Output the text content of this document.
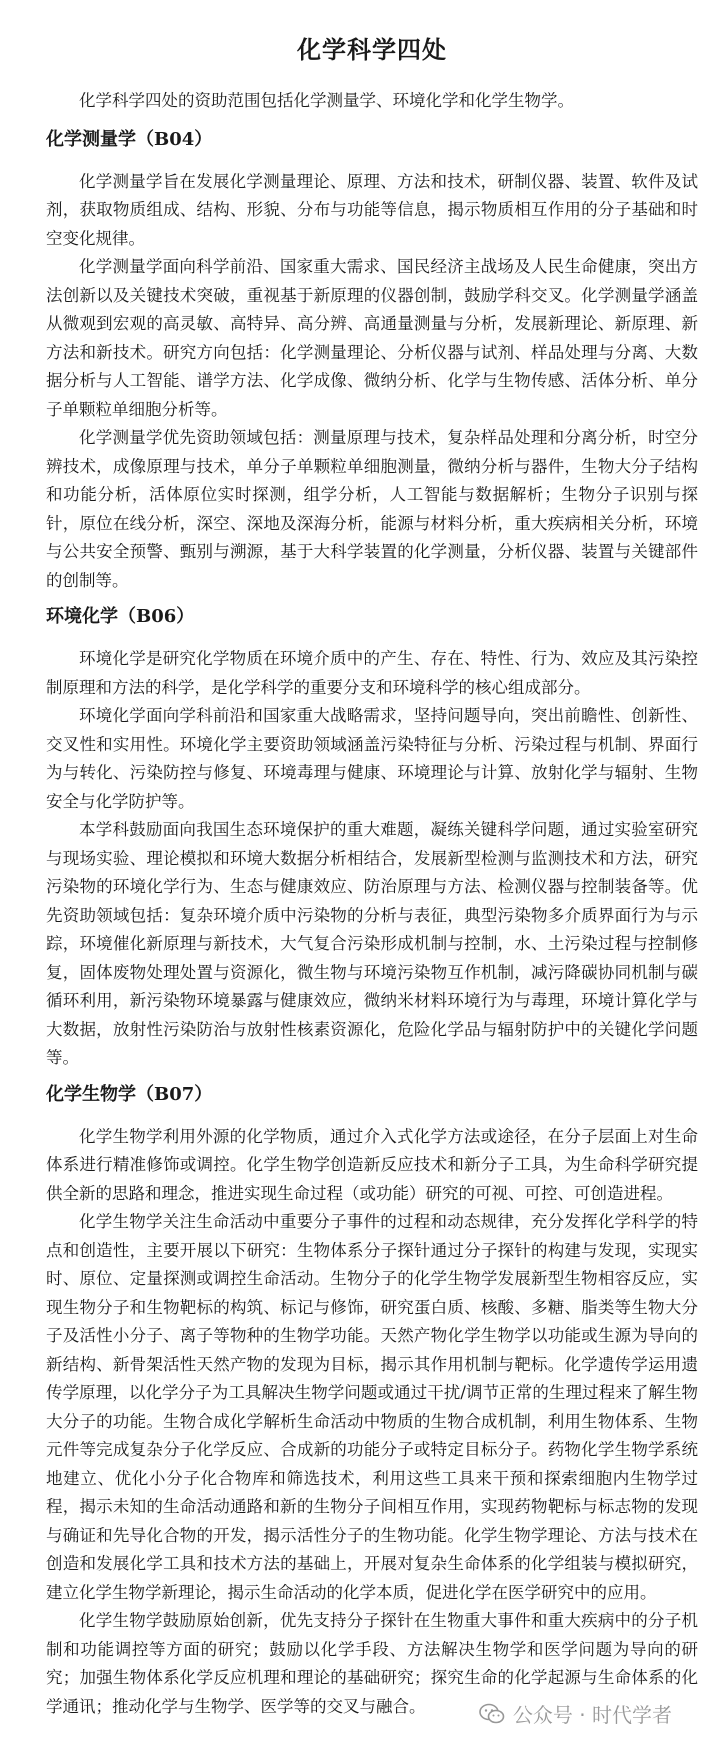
化学科学四处

化学科学四处的资助范围包括化学测量学、环境化学和化学生物学。

化学测量学（B04）

化学测量学旨在发展化学测量理论、原理、方法和技术，研制仪器、装置、软件及试剂，获取物质组成、结构、形貌、分布与功能等信息，揭示物质相互作用的分子基础和时空变化规律。

化学测量学面向科学前沿、国家重大需求、国民经济主战场及人民生命健康，突出方法创新以及关键技术突破，重视基于新原理的仪器创制，鼓励学科交叉。化学测量学涵盖从微观到宏观的高灵敏、高特异、高分辨、高通量测量与分析，发展新理论、新原理、新方法和新技术。研究方向包括：化学测量理论、分析仪器与试剂、样品处理与分离、大数据分析与人工智能、谱学方法、化学成像、微纳分析、化学与生物传感、活体分析、单分子单颗粒单细胞分析等。

化学测量学优先资助领域包括：测量原理与技术，复杂样品处理和分离分析，时空分辨技术，成像原理与技术，单分子单颗粒单细胞测量，微纳分析与器件，生物大分子结构和功能分析，活体原位实时探测，组学分析，人工智能与数据解析；生物分子识别与探针，原位在线分析，深空、深地及深海分析，能源与材料分析，重大疾病相关分析，环境与公共安全预警、甄别与溯源，基于大科学装置的化学测量，分析仪器、装置与关键部件的创制等。

环境化学（B06）

环境化学是研究化学物质在环境介质中的产生、存在、特性、行为、效应及其污染控制原理和方法的科学，是化学科学的重要分支和环境科学的核心组成部分。

环境化学面向学科前沿和国家重大战略需求，坚持问题导向，突出前瞻性、创新性、交叉性和实用性。环境化学主要资助领域涵盖污染特征与分析、污染过程与机制、界面行为与转化、污染防控与修复、环境毒理与健康、环境理论与计算、放射化学与辐射、生物安全与化学防护等。

本学科鼓励面向我国生态环境保护的重大难题，凝练关键科学问题，通过实验室研究与现场实验、理论模拟和环境大数据分析相结合，发展新型检测与监测技术和方法，研究污染物的环境化学行为、生态与健康效应、防治原理与方法、检测仪器与控制装备等。优先资助领域包括：复杂环境介质中污染物的分析与表征，典型污染物多介质界面行为与示踪，环境催化新原理与新技术，大气复合污染形成机制与控制，水、土污染过程与控制修复，固体废物处理处置与资源化，微生物与环境污染物互作机制，减污降碳协同机制与碳循环利用，新污染物环境暴露与健康效应，微纳米材料环境行为与毒理，环境计算化学与大数据，放射性污染防治与放射性核素资源化，危险化学品与辐射防护中的关键化学问题等。

化学生物学（B07）

化学生物学利用外源的化学物质，通过介入式化学方法或途径，在分子层面上对生命体系进行精准修饰或调控。化学生物学创造新反应技术和新分子工具，为生命科学研究提供全新的思路和理念，推进实现生命过程（或功能）研究的可视、可控、可创造进程。

化学生物学关注生命活动中重要分子事件的过程和动态规律，充分发挥化学科学的特点和创造性，主要开展以下研究：生物体系分子探针通过分子探针的构建与发现，实现实时、原位、定量探测或调控生命活动。生物分子的化学生物学发展新型生物相容反应，实现生物分子和生物靶标的构筑、标记与修饰，研究蛋白质、核酸、多糖、脂类等生物大分子及活性小分子、离子等物种的生物学功能。天然产物化学生物学以功能或生源为导向的新结构、新骨架活性天然产物的发现为目标，揭示其作用机制与靶标。化学遗传学运用遗传学原理，以化学分子为工具解决生物学问题或通过干扰/调节正常的生理过程来了解生物大分子的功能。生物合成化学解析生命活动中物质的生物合成机制，利用生物体系、生物元件等完成复杂分子化学反应、合成新的功能分子或特定目标分子。药物化学生物学系统地建立、优化小分子化合物库和筛选技术，利用这些工具来干预和探索细胞内生物学过程，揭示未知的生命活动通路和新的生物分子间相互作用，实现药物靶标与标志物的发现与确证和先导化合物的开发，揭示活性分子的生物功能。化学生物学理论、方法与技术在创造和发展化学工具和技术方法的基础上，开展对复杂生命体系的化学组装与模拟研究，建立化学生物学新理论，揭示生命活动的化学本质，促进化学在医学研究中的应用。

化学生物学鼓励原始创新，优先支持分子探针在生物重大事件和重大疾病中的分子机制和功能调控等方面的研究；鼓励以化学手段、方法解决生物学和医学问题为导向的研究；加强生物体系化学反应机理和理论的基础研究；探究生命的化学起源与生命体系的化学通讯；推动化学与生物学、医学等的交叉与融合。	公众号 · 时代学者
